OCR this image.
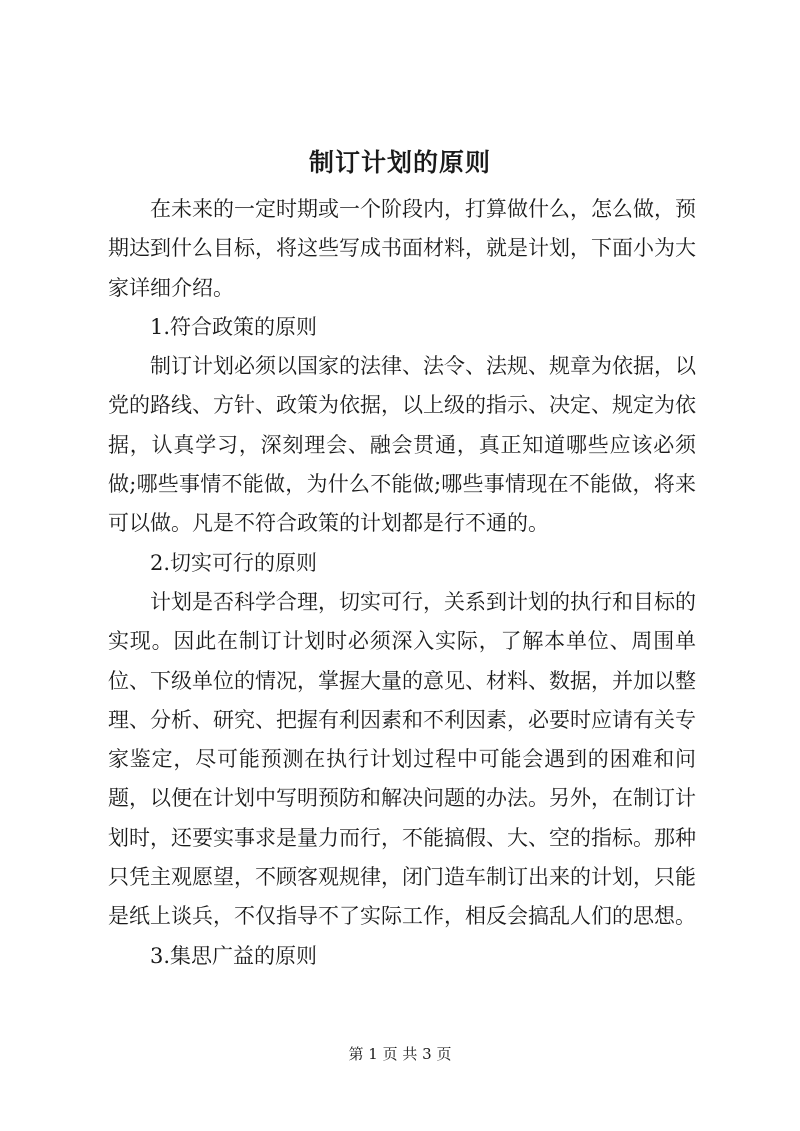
制订计划的原则

在未来的一定时期或一个阶段内，打算做什么，怎么做，预期达到什么目标，将这些写成书面材料，就是计划，下面小为大家详细介绍。

1.符合政策的原则

制订计划必须以国家的法律、法令、法规、规章为依据，以党的路线、方针、政策为依据，以上级的指示、决定、规定为依据，认真学习，深刻理会、融会贯通，真正知道哪些应该必须做;哪些事情不能做，为什么不能做;哪些事情现在不能做，将来可以做。凡是不符合政策的计划都是行不通的。

2.切实可行的原则

计划是否科学合理，切实可行，关系到计划的执行和目标的实现。因此在制订计划时必须深入实际，了解本单位、周围单位、下级单位的情况，掌握大量的意见、材料、数据，并加以整理、分析、研究、把握有利因素和不利因素，必要时应请有关专家鉴定，尽可能预测在执行计划过程中可能会遇到的困难和问题，以便在计划中写明预防和解决问题的办法。另外，在制订计划时，还要实事求是量力而行，不能搞假、大、空的指标。那种只凭主观愿望，不顾客观规律，闭门造车制订出来的计划，只能是纸上谈兵，不仅指导不了实际工作，相反会搞乱人们的思想。

3.集思广益的原则

第 1 页 共 3 页
